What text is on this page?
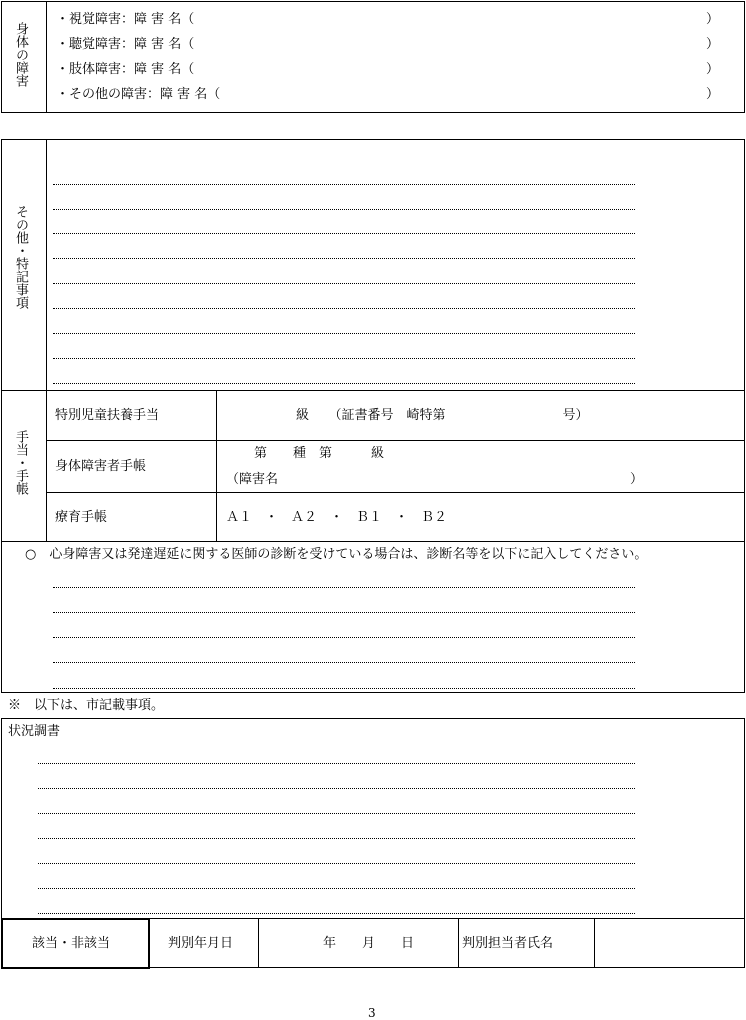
身体の障害
・視覚障害：障 害 名（	）
・聴覚障害：障 害 名（	）
・肢体障害：障 害 名（	）
・その他の障害：障 害 名（	）
その他・特記事項
手当・手帳
特別児童扶養手当	級　　（証書番号　崎特第　　　　　　　　　号）
身体障害者手帳
第　　種　第　　　級
（障害名	）
療育手帳	Ａ１　・　Ａ２　・　Ｂ１　・　Ｂ２
○　心身障害又は発達遅延に関する医師の診断を受けている場合は、診断名等を以下に記入してください。
※　以下は、市記載事項。
状況調書
該当・非該当	判別年月日	年　　月　　日	判別担当者氏名
3
